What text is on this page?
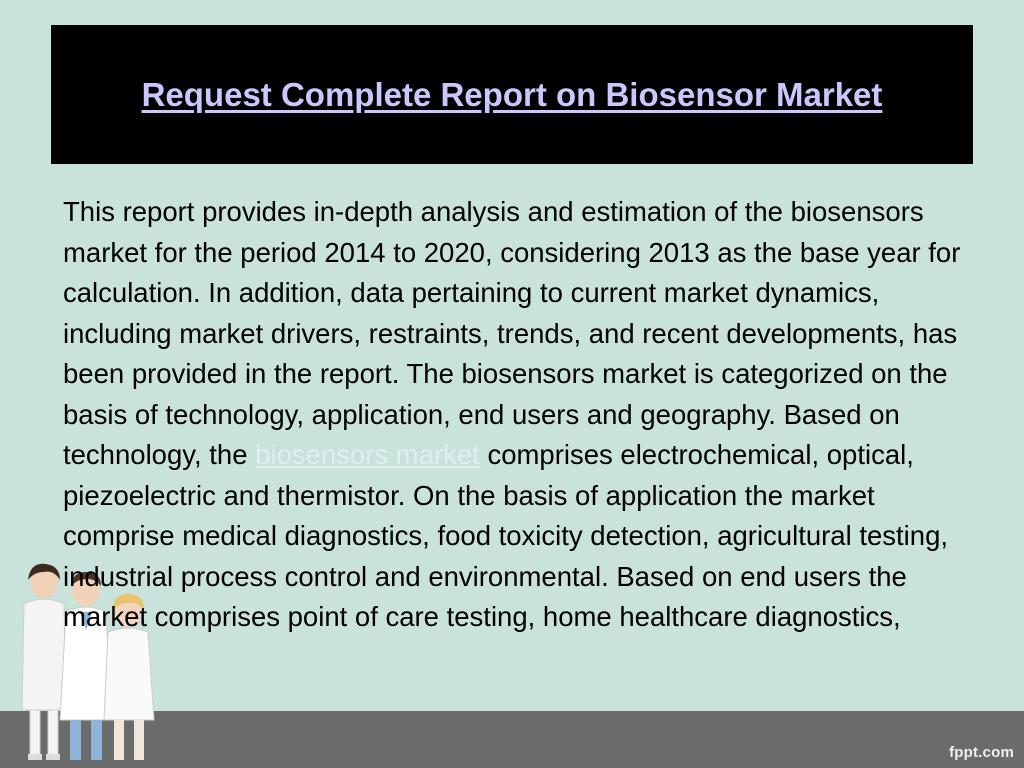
Request Complete Report on Biosensor Market

This report provides in-depth analysis and estimation of the biosensors market for the period 2014 to 2020, considering 2013 as the base year for calculation. In addition, data pertaining to current market dynamics, including market drivers, restraints, trends, and recent developments, has been provided in the report. The biosensors market is categorized on the basis of technology, application, end users and geography. Based on technology, the biosensors market comprises electrochemical, optical, piezoelectric and thermistor. On the basis of application the market comprise medical diagnostics, food toxicity detection, agricultural testing, industrial process control and environmental. Based on end users the market comprises point of care testing, home healthcare diagnostics,

fppt.com
